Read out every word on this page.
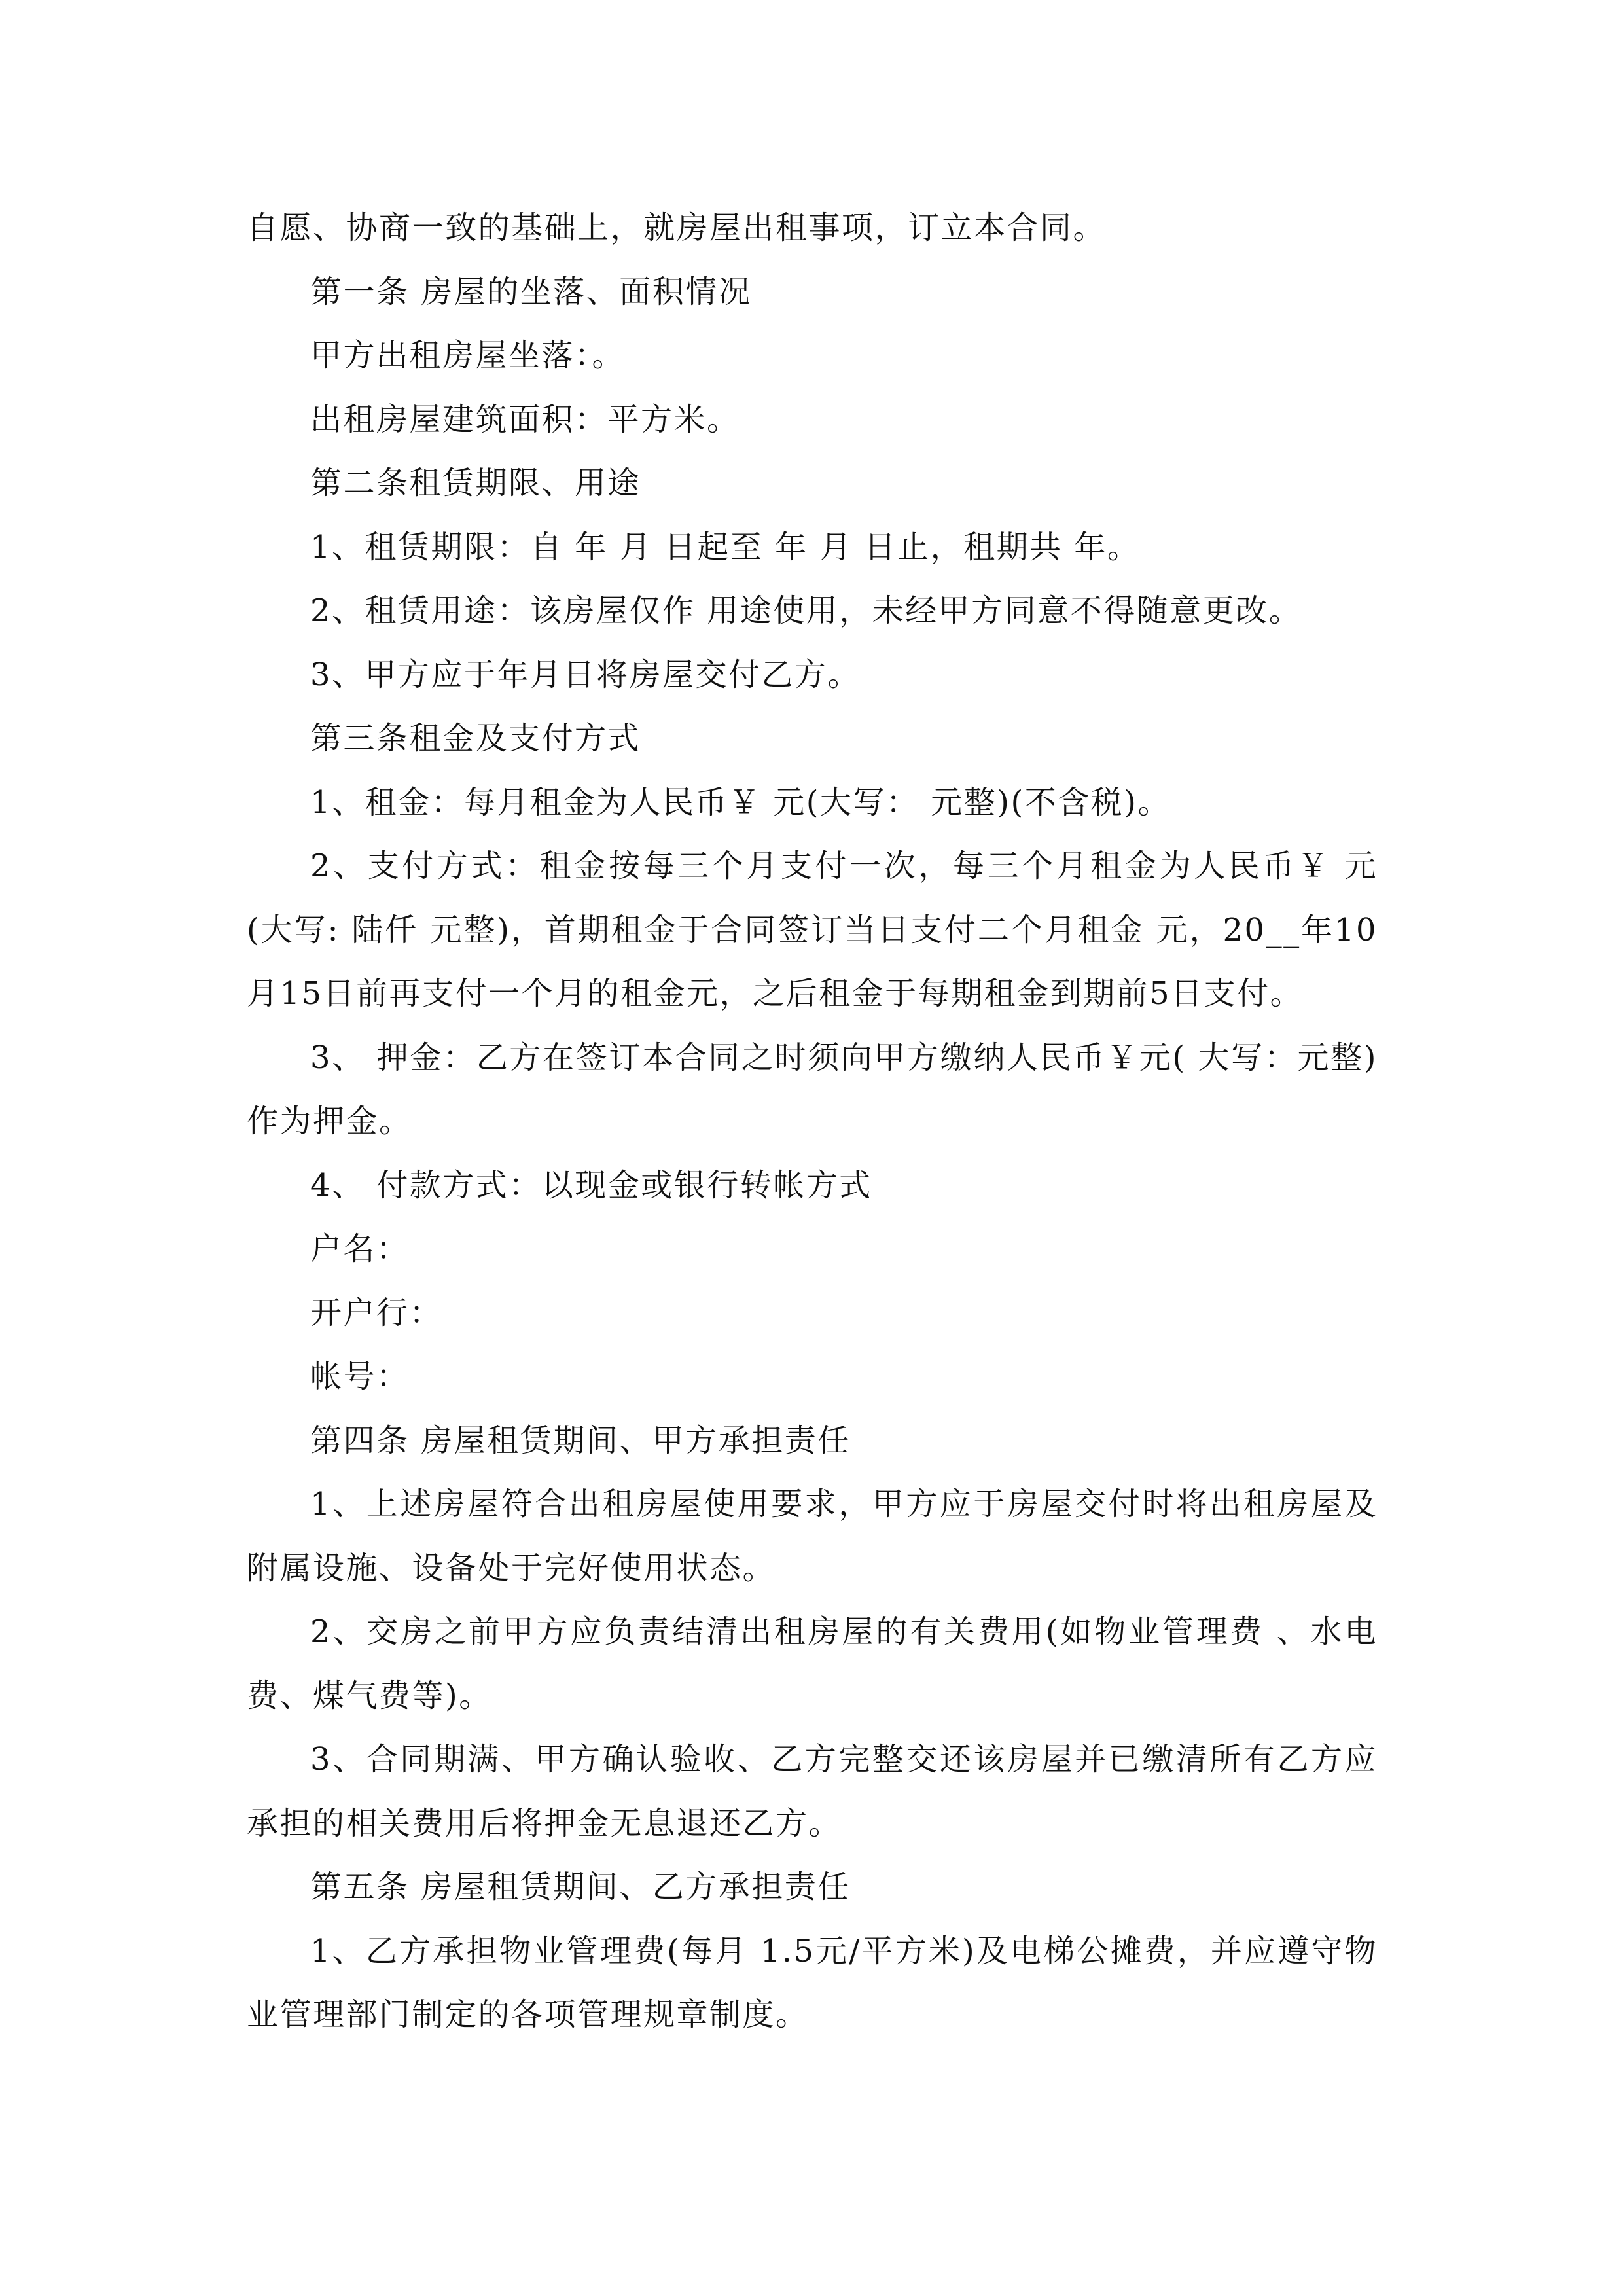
自愿、协商一致的基础上，就房屋出租事项，订立本合同。

第一条 房屋的坐落、面积情况

甲方出租房屋坐落：。

出租房屋建筑面积：平方米。

第二条租赁期限、用途

1、租赁期限：自 年 月 日起至 年 月 日止，租期共 年。

2、租赁用途：该房屋仅作 用途使用，未经甲方同意不得随意更改。

3、甲方应于年月日将房屋交付乙方。

第三条租金及支付方式

1、租金：每月租金为人民币￥ 元(大写： 元整)(不含税)。

2、支付方式：租金按每三个月支付一次，每三个月租金为人民币￥ 元(大写: 陆仟 元整)，首期租金于合同签订当日支付二个月租金 元，20__年10月15日前再支付一个月的租金元，之后租金于每期租金到期前5日支付。

3、 押金：乙方在签订本合同之时须向甲方缴纳人民币￥元( 大写：元整)作为押金。

4、 付款方式：以现金或银行转帐方式

户名：

开户行：

帐号：

第四条 房屋租赁期间、甲方承担责任

1、上述房屋符合出租房屋使用要求，甲方应于房屋交付时将出租房屋及附属设施、设备处于完好使用状态。

2、交房之前甲方应负责结清出租房屋的有关费用(如物业管理费 、水电费、煤气费等)。

3、合同期满、甲方确认验收、乙方完整交还该房屋并已缴清所有乙方应承担的相关费用后将押金无息退还乙方。

第五条 房屋租赁期间、乙方承担责任

1、乙方承担物业管理费(每月 1.5元/平方米)及电梯公摊费，并应遵守物业管理部门制定的各项管理规章制度。
